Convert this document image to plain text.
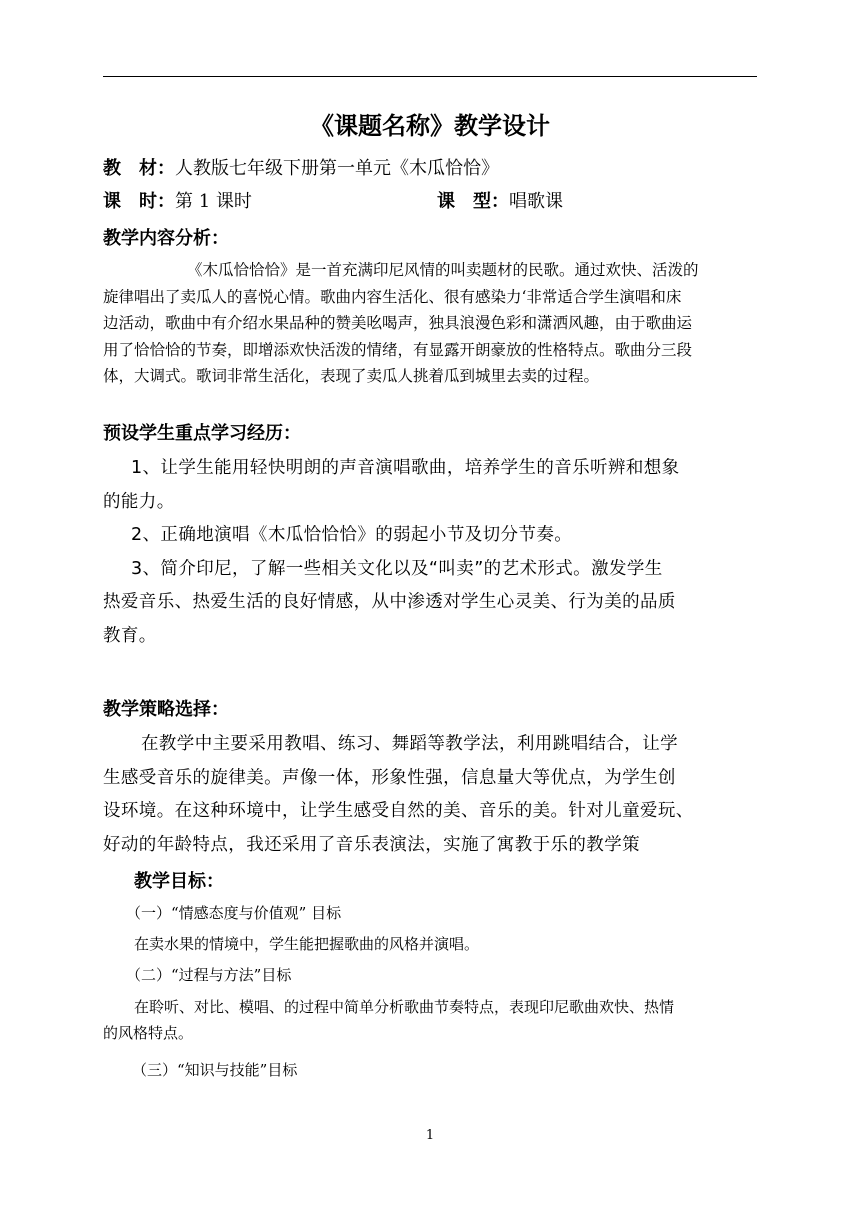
《课题名称》教学设计
教　材：人教版七年级下册第一单元《木瓜恰恰》
课　时：第 1 课时	课　型：唱歌课
教学内容分析：
《木瓜恰恰恰》是一首充满印尼风情的叫卖题材的民歌。通过欢快、活泼的
旋律唱出了卖瓜人的喜悦心情。歌曲内容生活化、很有感染力‘非常适合学生演唱和床
边活动，歌曲中有介绍水果品种的赞美吆喝声，独具浪漫色彩和潇洒风趣，由于歌曲运
用了恰恰恰的节奏，即增添欢快活泼的情绪，有显露开朗豪放的性格特点。歌曲分三段
体，大调式。歌词非常生活化，表现了卖瓜人挑着瓜到城里去卖的过程。
预设学生重点学习经历：
1、让学生能用轻快明朗的声音演唱歌曲，培养学生的音乐听辨和想象
的能力。
2、正确地演唱《木瓜恰恰恰》的弱起小节及切分节奏。
3、简介印尼，了解一些相关文化以及“叫卖”的艺术形式。激发学生
热爱音乐、热爱生活的良好情感，从中渗透对学生心灵美、行为美的品质
教育。
教学策略选择：
在教学中主要采用教唱、练习、舞蹈等教学法，利用跳唱结合，让学
生感受音乐的旋律美。声像一体，形象性强，信息量大等优点，为学生创
设环境。在这种环境中，让学生感受自然的美、音乐的美。针对儿童爱玩、
好动的年龄特点，我还采用了音乐表演法，实施了寓教于乐的教学策
教学目标：
（一）“情感态度与价值观” 目标
在卖水果的情境中，学生能把握歌曲的风格并演唱。
（二）“过程与方法”目标
在聆听、对比、模唱、的过程中简单分析歌曲节奏特点，表现印尼歌曲欢快、热情
的风格特点。
（三）“知识与技能”目标
1
